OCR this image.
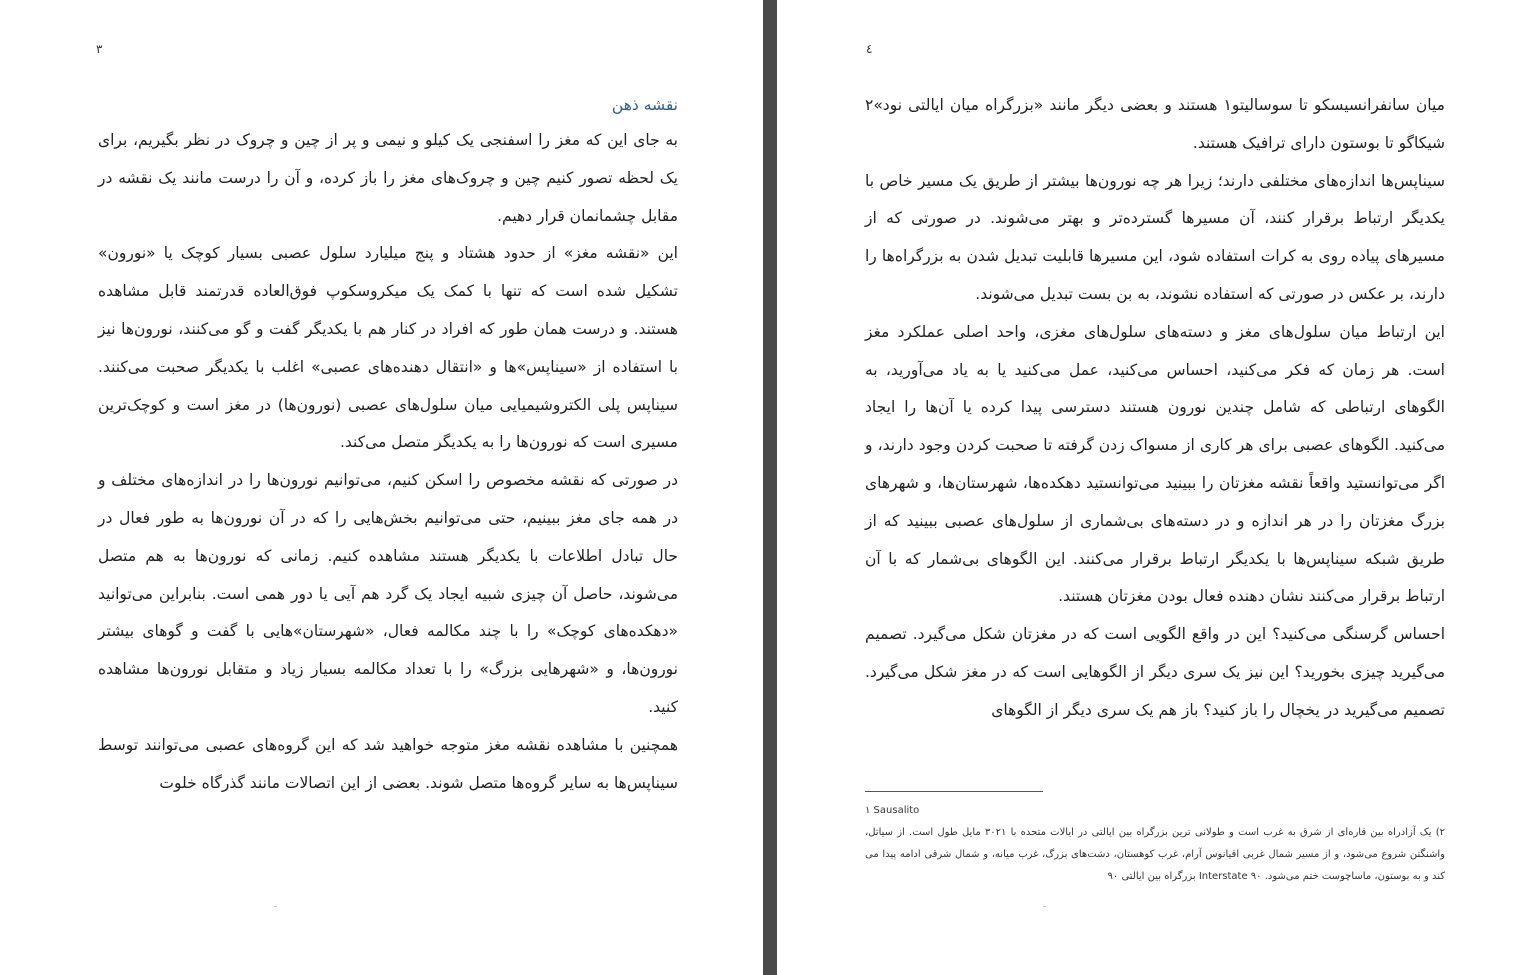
۳
نقشه ذهن

به جای این که مغز را اسفنجی یک کیلو و نیمی و پر از چین و چروک در نظر بگیریم، برای یک لحظه تصور کنیم چین و چروک‌های مغز را باز کرده، و آن را درست مانند یک نقشه در مقابل چشمانمان قرار دهیم.

این «نقشه مغز» از حدود هشتاد و پنج میلیارد سلول عصبی بسیار کوچک یا «نورون» تشکیل شده است که تنها با کمک یک میکروسکوپ فوق‌العاده قدرتمند قابل مشاهده هستند. و درست همان طور که افراد در کنار هم با یکدیگر گفت و گو می‌کنند، نورون‌ها نیز با استفاده از «سیناپس»ها و «انتقال دهنده‌های عصبی» اغلب با یکدیگر صحبت می‌کنند. سیناپس پلی الکتروشیمیایی میان سلول‌های عصبی (نورون‌ها) در مغز است و کوچک‌ترین مسیری است که نورون‌ها را به یکدیگر متصل می‌کند.

در صورتی که نقشه مخصوص را اسکن کنیم، می‌توانیم نورون‌ها را در اندازه‌های مختلف و در همه جای مغز ببینیم، حتی می‌توانیم بخش‌هایی را که در آن نورون‌ها به طور فعال در حال تبادل اطلاعات با یکدیگر هستند مشاهده کنیم. زمانی که نورون‌ها به هم متصل می‌شوند، حاصل آن چیزی شبیه ایجاد یک گرد هم آیی یا دور همی است. بنابراین می‌توانید «دهکده‌های کوچک» را با چند مکالمه فعال، «شهرستان»هایی با گفت و گوهای بیشتر نورون‌ها، و «شهرهایی بزرگ» را با تعداد مکالمه بسیار زیاد و متقابل نورون‌ها مشاهده کنید.

همچنین با مشاهده نقشه مغز متوجه خواهید شد که این گروه‌های عصبی می‌توانند توسط سیناپس‌ها به سایر گروه‌ها متصل شوند. بعضی از این اتصالات مانند گذرگاه خلوت

٤

میان سانفرانسیسکو تا سوسالیتو۱ هستند و بعضی دیگر مانند «بزرگراه میان ایالتی نود»۲ شیکاگو تا بوستون دارای ترافیک هستند.

سیناپس‌ها اندازه‌های مختلفی دارند؛ زیرا هر چه نورون‌ها بیشتر از طریق یک مسیر خاص با یکدیگر ارتباط برقرار کنند، آن مسیرها گسترده‌تر و بهتر می‌شوند. در صورتی که از مسیرهای پیاده روی به کرات استفاده شود، این مسیرها قابلیت تبدیل شدن به بزرگراه‌ها را دارند، بر عکس در صورتی که استفاده نشوند، به بن بست تبدیل می‌شوند.

این ارتباط میان سلول‌های مغز و دسته‌های سلول‌های مغزی، واحد اصلی عملکرد مغز است. هر زمان که فکر می‌کنید، احساس می‌کنید، عمل می‌کنید یا به یاد می‌آورید، به الگوهای ارتباطی که شامل چندین نورون هستند دسترسی پیدا کرده یا آن‌ها را ایجاد می‌کنید. الگوهای عصبی برای هر کاری از مسواک زدن گرفته تا صحبت کردن وجود دارند، و اگر می‌توانستید واقعاً نقشه مغزتان را ببینید می‌توانستید دهکده‌ها، شهرستان‌ها، و شهرهای بزرگ مغزتان را در هر اندازه و در دسته‌های بی‌شماری از سلول‌های عصبی ببینید که از طریق شبکه سیناپس‌ها با یکدیگر ارتباط برقرار می‌کنند. این الگوهای بی‌شمار که با آن ارتباط برقرار می‌کنند نشان دهنده فعال بودن مغزتان هستند.

احساس گرسنگی می‌کنید؟ این در واقع الگویی است که در مغزتان شکل می‌گیرد. تصمیم می‌گیرید چیزی بخورید؟ این نیز یک سری دیگر از الگوهایی است که در مغز شکل می‌گیرد. تصمیم می‌گیرید در یخچال را باز کنید؟ باز هم یک سری دیگر از الگوهای

۱ Sausalito

۲) یک آزادراه بین قاره‌ای از شرق به غرب است و طولانی ترین بزرگراه بین ایالتی در ایالات متحده با ۳۰۲۱ مایل طول است. از سیاتل، واشنگتن شروع می‌شود، و از مسیر شمال غربی اقیانوس آرام، غرب کوهستان، دشت‌های بزرگ، غرب میانه، و شمال شرقی ادامه پیدا می کند و به بوستون، ماساچوست ختم می‌شود. Interstate ۹۰ بزرگراه بین ایالتی ۹۰
